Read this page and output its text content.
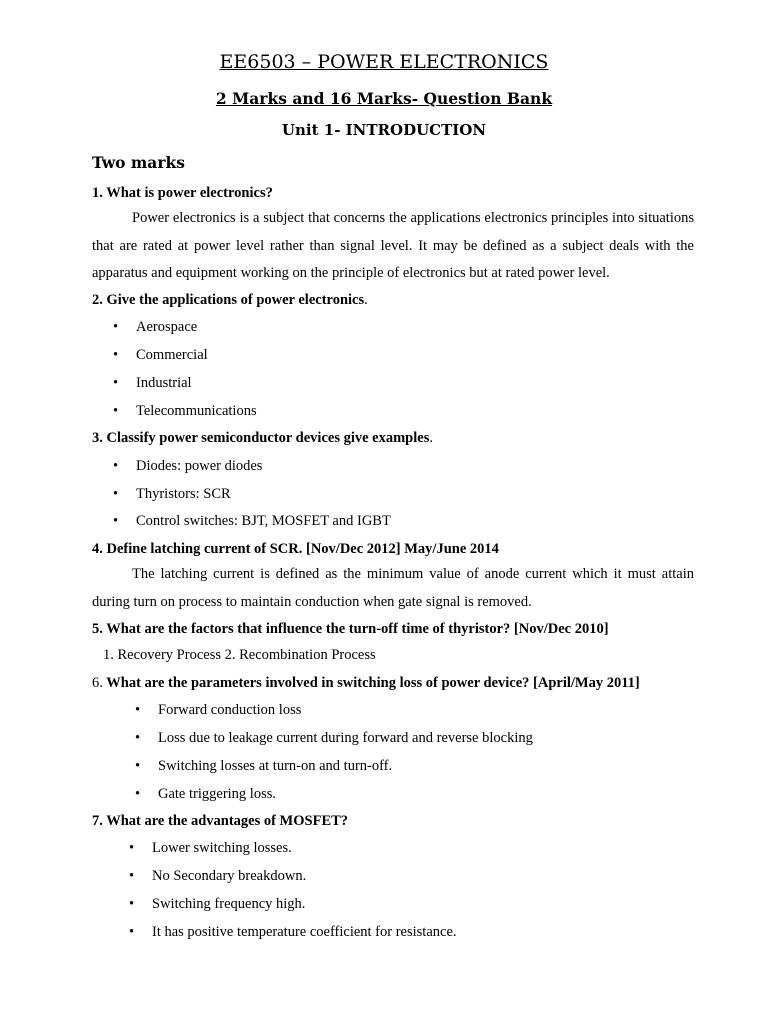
EE6503 – POWER ELECTRONICS
2 Marks and 16 Marks- Question Bank
Unit 1- INTRODUCTION
Two marks
1. What is power electronics?
Power electronics is a subject that concerns the applications electronics principles into situations that are rated at power level rather than signal level. It may be defined as a subject deals with the apparatus and equipment working on the principle of electronics but at rated power level.
2. Give the applications of power electronics.
• Aerospace
• Commercial
• Industrial
• Telecommunications
3. Classify power semiconductor devices give examples.
• Diodes: power diodes
• Thyristors: SCR
• Control switches: BJT, MOSFET and IGBT
4. Define latching current of SCR. [Nov/Dec 2012] May/June 2014
The latching current is defined as the minimum value of anode current which it must attain during turn on process to maintain conduction when gate signal is removed.
5. What are the factors that influence the turn-off time of thyristor? [Nov/Dec 2010]
1. Recovery Process 2. Recombination Process
6. What are the parameters involved in switching loss of power device? [April/May 2011]
• Forward conduction loss
• Loss due to leakage current during forward and reverse blocking
• Switching losses at turn-on and turn-off.
• Gate triggering loss.
7. What are the advantages of MOSFET?
• Lower switching losses.
• No Secondary breakdown.
• Switching frequency high.
• It has positive temperature coefficient for resistance.
